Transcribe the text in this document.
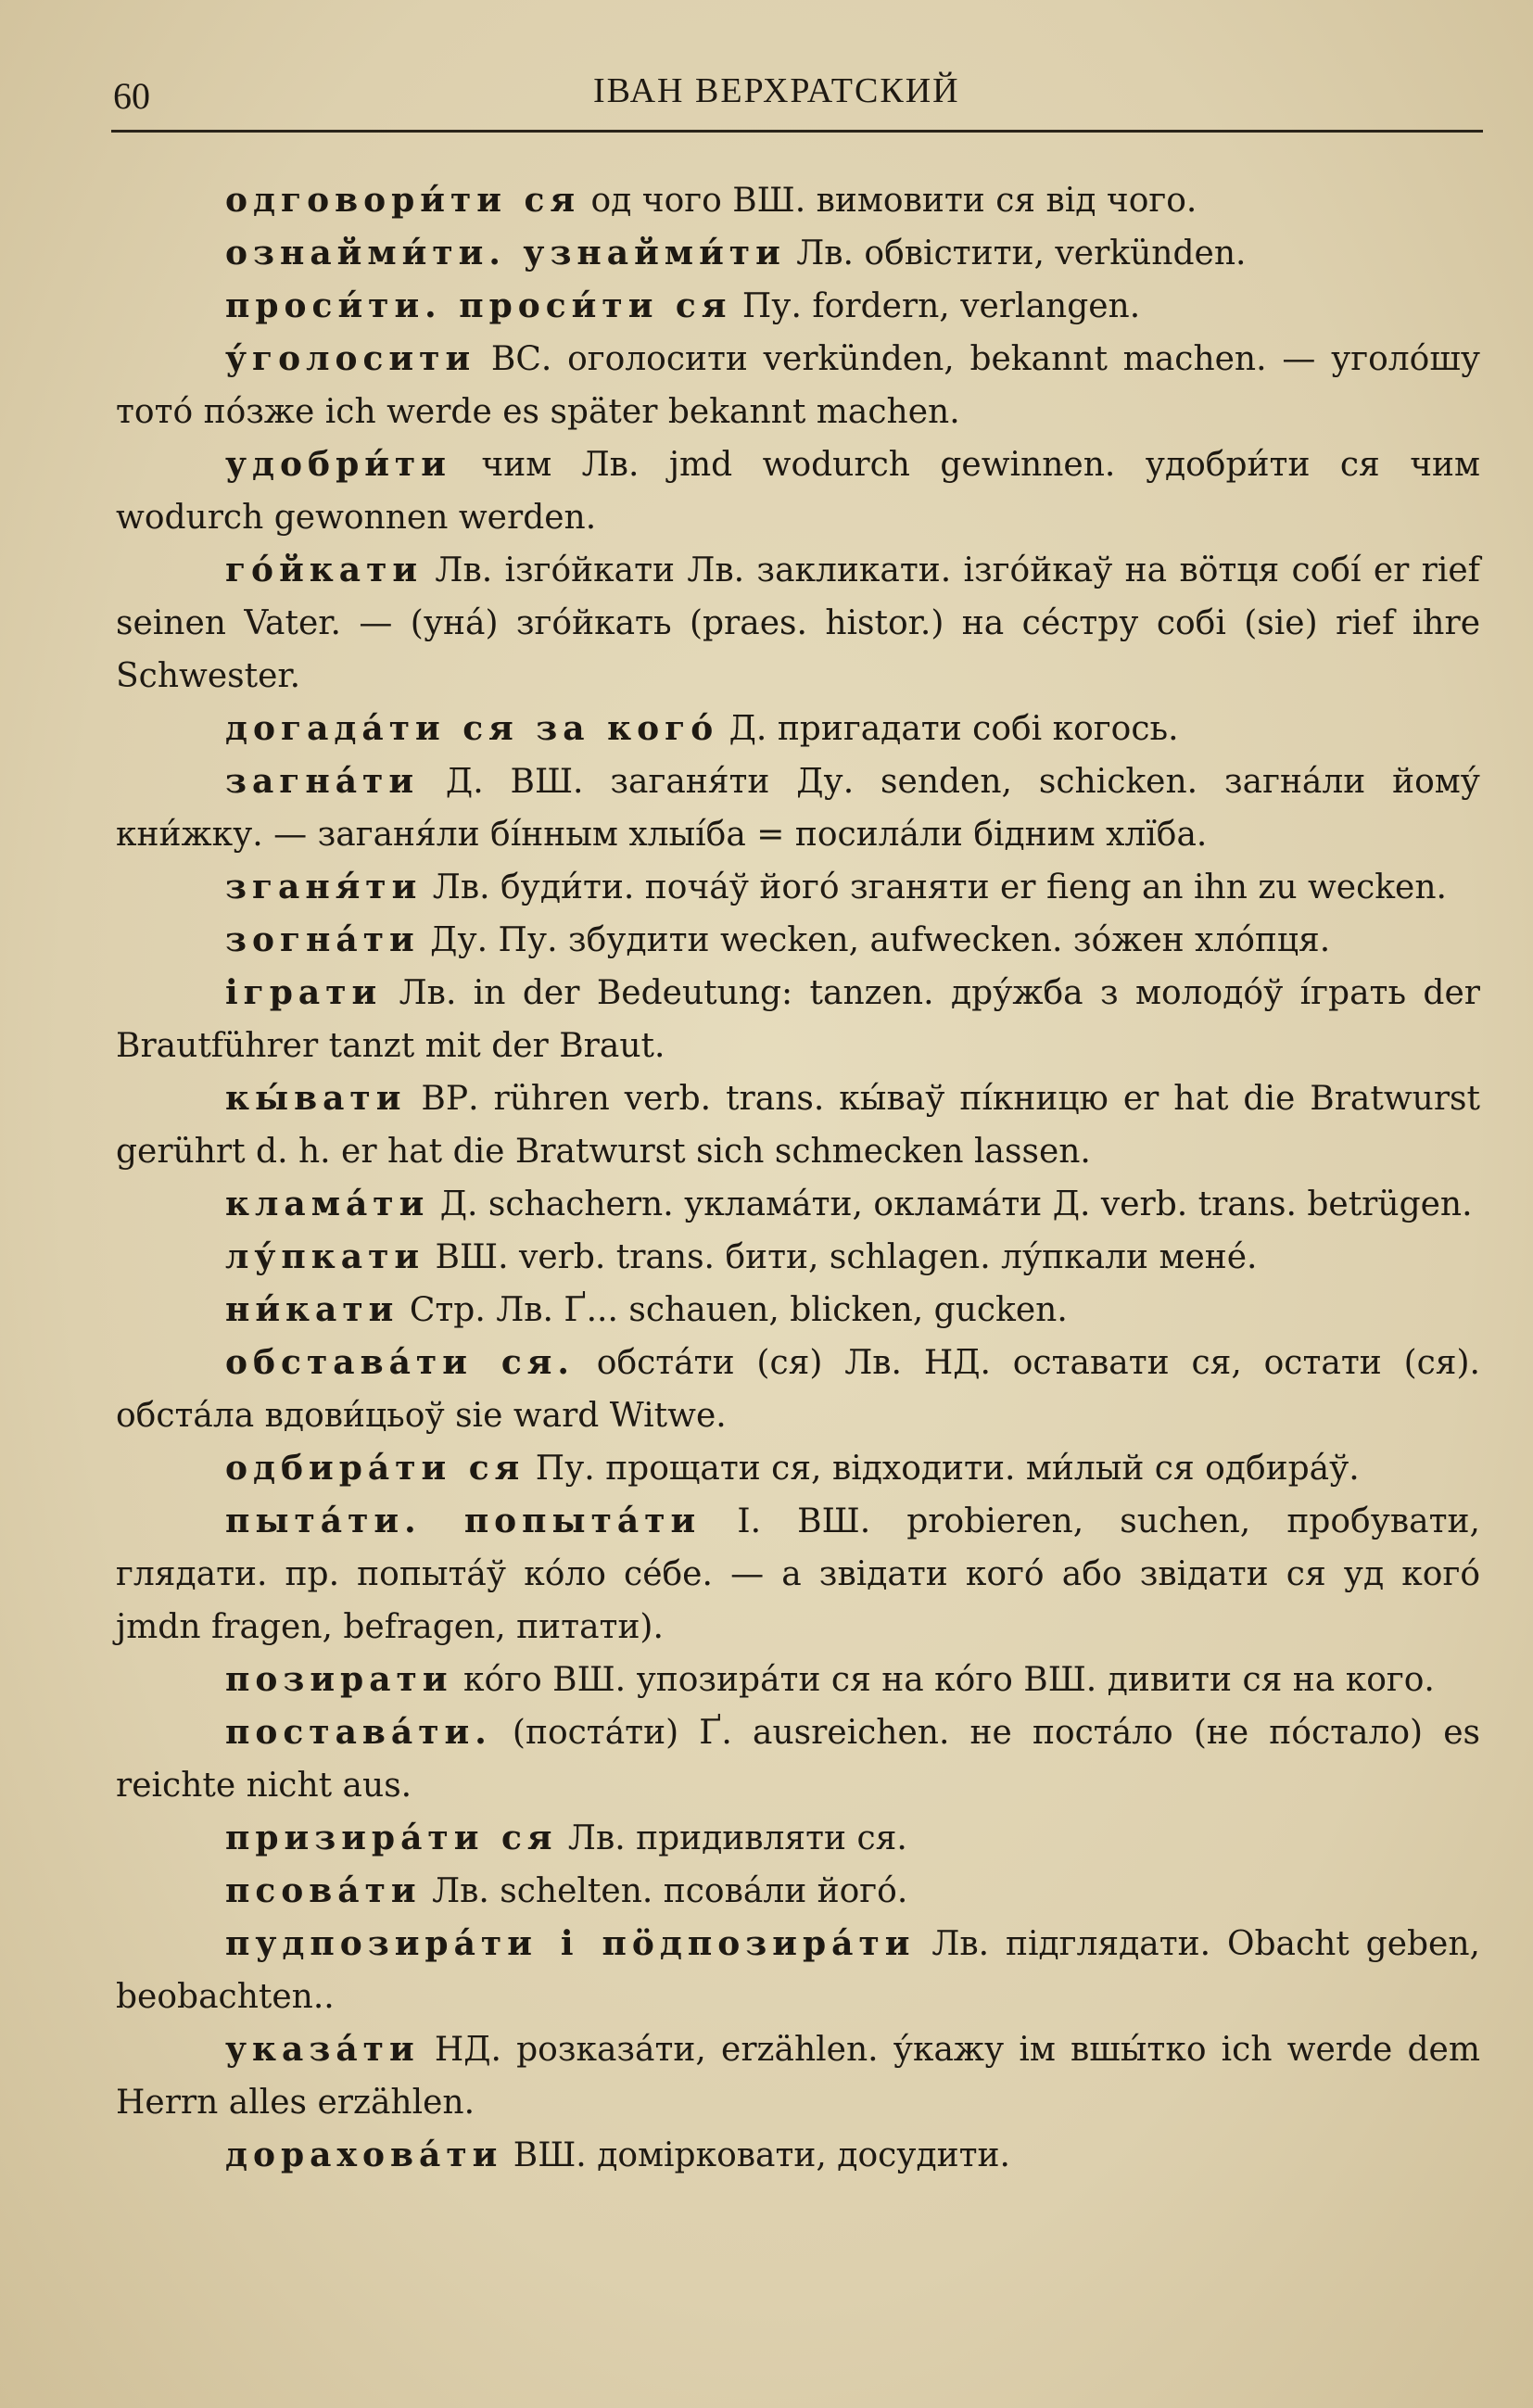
60	ІВАН ВЕРХРАТСКИЙ

одговори́ти ся од чого ВШ. вимовити ся від чого.

ознайми́ти. узнайми́ти Лв. обвістити, verkünden.

проси́ти. проси́ти ся Пу. fordern, verlangen.

у́голосити ВС. оголосити verkünden, bekannt machen. — уголо́шу тото́ по́зже ich werde es später bekannt machen.

удобри́ти чим Лв. jmd wodurch gewinnen. удобри́ти ся чим wodurch gewonnen werden.

го́йкати Лв. ізго́йкати Лв. закликати. ізго́йкаў на вӧтця собі́ er rief seinen Vater. — (уна́) зго́йкать (praes. histor.) на се́стру собі (sie) rief ihre Schwester.

догада́ти ся за кого́ Д. пригадати собі когось.

загна́ти Д. ВШ. заганя́ти Ду. senden, schicken. загна́ли йому́ кни́жку. — заганя́ли бі́нным хлыі́ба = посила́ли бідним хлїба.

зганя́ти Лв. буди́ти. поча́ў його́ зганяти er fieng an ihn zu wecken.

зогна́ти Ду. Пу. збудити wecken, aufwecken. зо́жен хло́пця.

іграти Лв. in der Bedeutung: tanzen. дру́жба з молодо́ў і́грать der Brautführer tanzt mit der Braut.

кы́вати ВР. rühren verb. trans. кы́ваў пі́кницю er hat die Bratwurst gerührt d. h. er hat die Bratwurst sich schmecken lassen.

клама́ти Д. schachern. уклама́ти, оклама́ти Д. verb. trans. betrügen.

лу́пкати ВШ. verb. trans. бити, schlagen. лу́пкали мене́.

ни́кати Стр. Лв. Ґ... schauen, blicken, gucken.

обстава́ти ся. обста́ти (ся) Лв. НД. оставати ся, остати (ся). обста́ла вдови́цьоў sie ward Witwe.

одбира́ти ся Пу. прощати ся, відходити. ми́лый ся одбира́ў.

пыта́ти. попыта́ти І. ВШ. probieren, suchen, пробувати, глядати. пр. попыта́ў ко́ло се́бе. — а звідати кого́ або звідати ся уд кого́ jmdn fragen, befragen, питати).

позирати ко́го ВШ. упозира́ти ся на ко́го ВШ. дивити ся на кого.

постава́ти. (поста́ти) Ґ. ausreichen. не поста́ло (не по́стало) es reichte nicht aus.

призира́ти ся Лв. придивляти ся.

псова́ти Лв. schelten. псова́ли його́.

пудпозира́ти і пӧдпозира́ти Лв. підглядати. Obacht geben, beobachten..

указа́ти НД. розказа́ти, erzählen. у́кажу ім вшы́тко ich werde dem Herrn alles erzählen.

дорахова́ти ВШ. домірковати, досудити.
